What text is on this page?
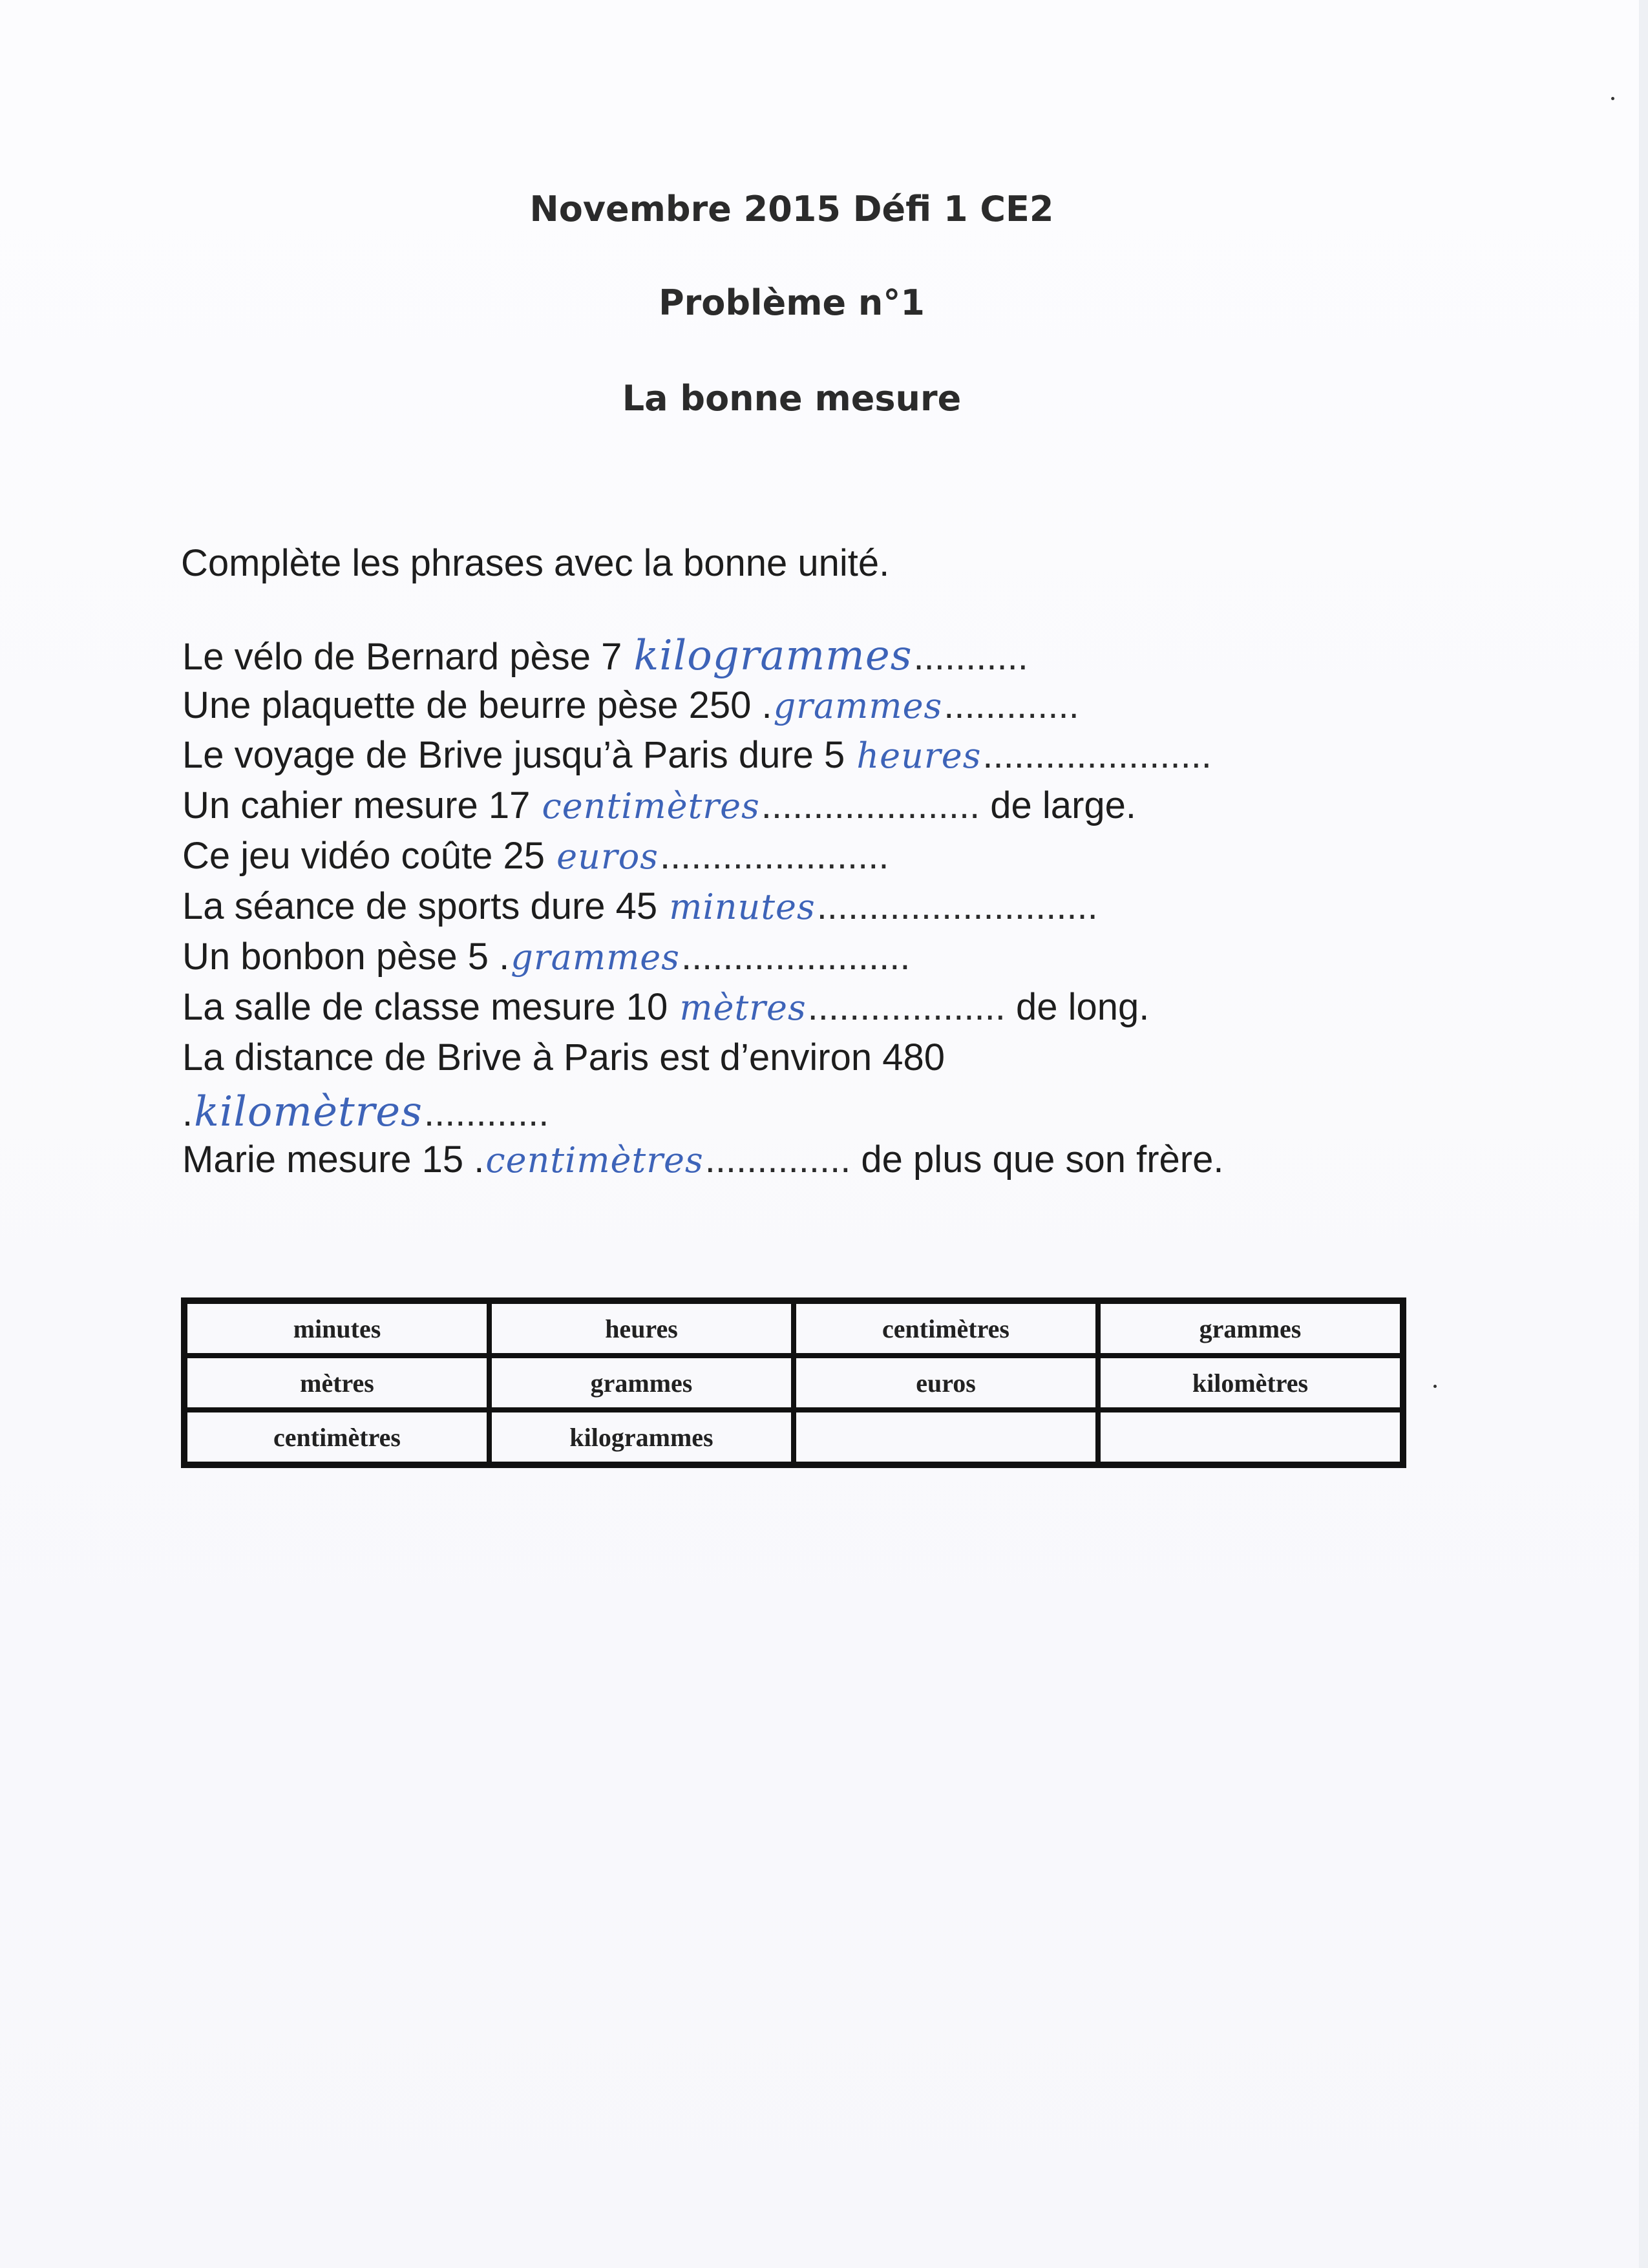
Novembre 2015 Défi 1 CE2
Problème n°1
La bonne mesure
Complète les phrases avec la bonne unité.
Le vélo de Bernard pèse 7 kilogrammes...........
Une plaquette de beurre pèse 250 .grammes.............
Le voyage de Brive jusqu’à Paris dure 5 heures......................
Un cahier mesure 17 centimètres..................... de large.
Ce jeu vidéo coûte 25 euros......................
La séance de sports dure 45 minutes...........................
Un bonbon pèse 5 .grammes......................
La salle de classe mesure 10 mètres................... de long.
La distance de Brive à Paris est d’environ 480
.kilomètres............
Marie mesure 15 .centimètres.............. de plus que son frère.
minutes	heures	centimètres	grammes
mètres	grammes	euros	kilomètres
centimètres	kilogrammes		
